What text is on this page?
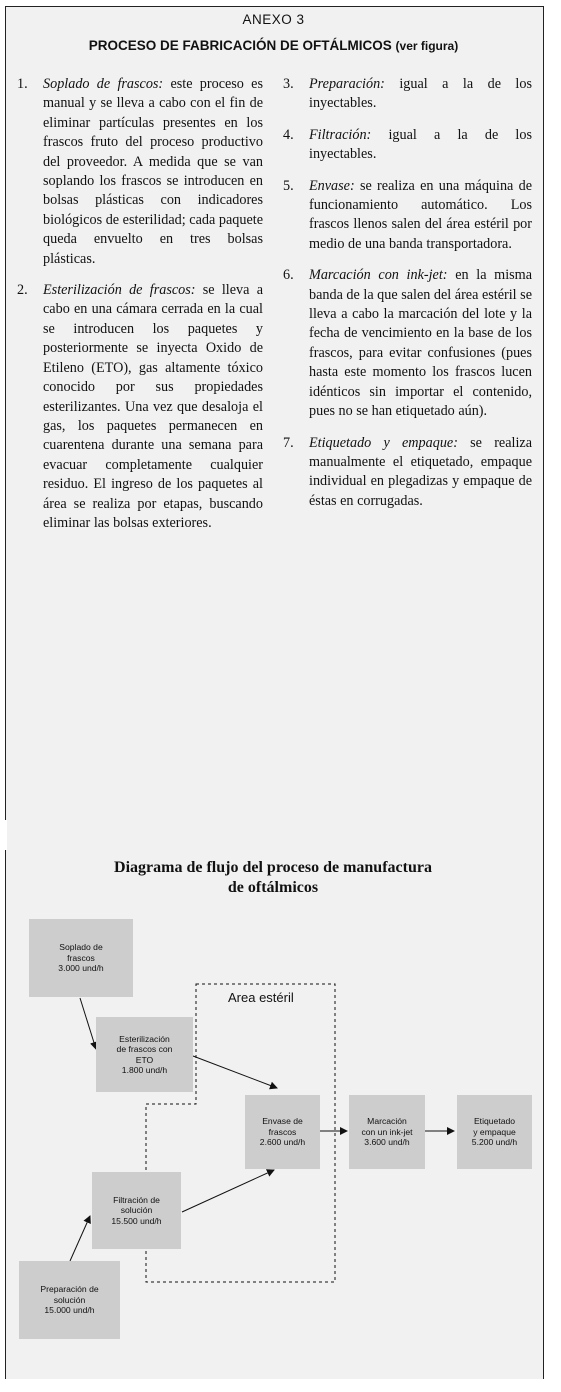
ANEXO 3
PROCESO DE FABRICACIÓN DE OFTÁLMICOS (ver figura)
1.	Soplado de frascos: este proceso es manual y se lleva a cabo con el fin de eliminar partículas presentes en los frascos fruto del proceso productivo del proveedor. A medida que se van soplando los frascos se introducen en bolsas plásticas con indicadores biológicos de esterilidad; cada paquete queda envuelto en tres bolsas plásticas.
2.	Esterilización de frascos: se lleva a cabo en una cámara cerrada en la cual se introducen los paquetes y posteriormente se inyecta Oxido de Etileno (ETO), gas altamente tóxico conocido por sus propiedades esterilizantes. Una vez que desaloja el gas, los paquetes permanecen en cuarentena durante una semana para evacuar completamente cualquier residuo. El ingreso de los paquetes al área se realiza por etapas, buscando eliminar las bolsas exteriores.
3.	Preparación: igual a la de los inyectables.
4.	Filtración: igual a la de los inyectables.
5.	Envase: se realiza en una máquina de funcionamiento automático. Los frascos llenos salen del área estéril por medio de una banda transportadora.
6.	Marcación con ink-jet: en la misma banda de la que salen del área estéril se lleva a cabo la marcación del lote y la fecha de vencimiento en la base de los frascos, para evitar confusiones (pues hasta este momento los frascos lucen idénticos sin importar el contenido, pues no se han etiquetado aún).
7.	Etiquetado y empaque: se realiza manualmente el etiquetado, empaque individual en plegadizas y empaque de éstas en corrugadas.
Diagrama de flujo del proceso de manufactura
de oftálmicos
Area estéril
Soplado de
frascos
3.000 und/h
Esterilización
de frascos con
ETO
1.800 und/h
Envase de
frascos
2.600 und/h
Marcación
con un ink-jet
3.600 und/h
Etiquetado
y empaque
5.200 und/h
Filtración de
solución
15.500 und/h
Preparación de
solución
15.000 und/h
